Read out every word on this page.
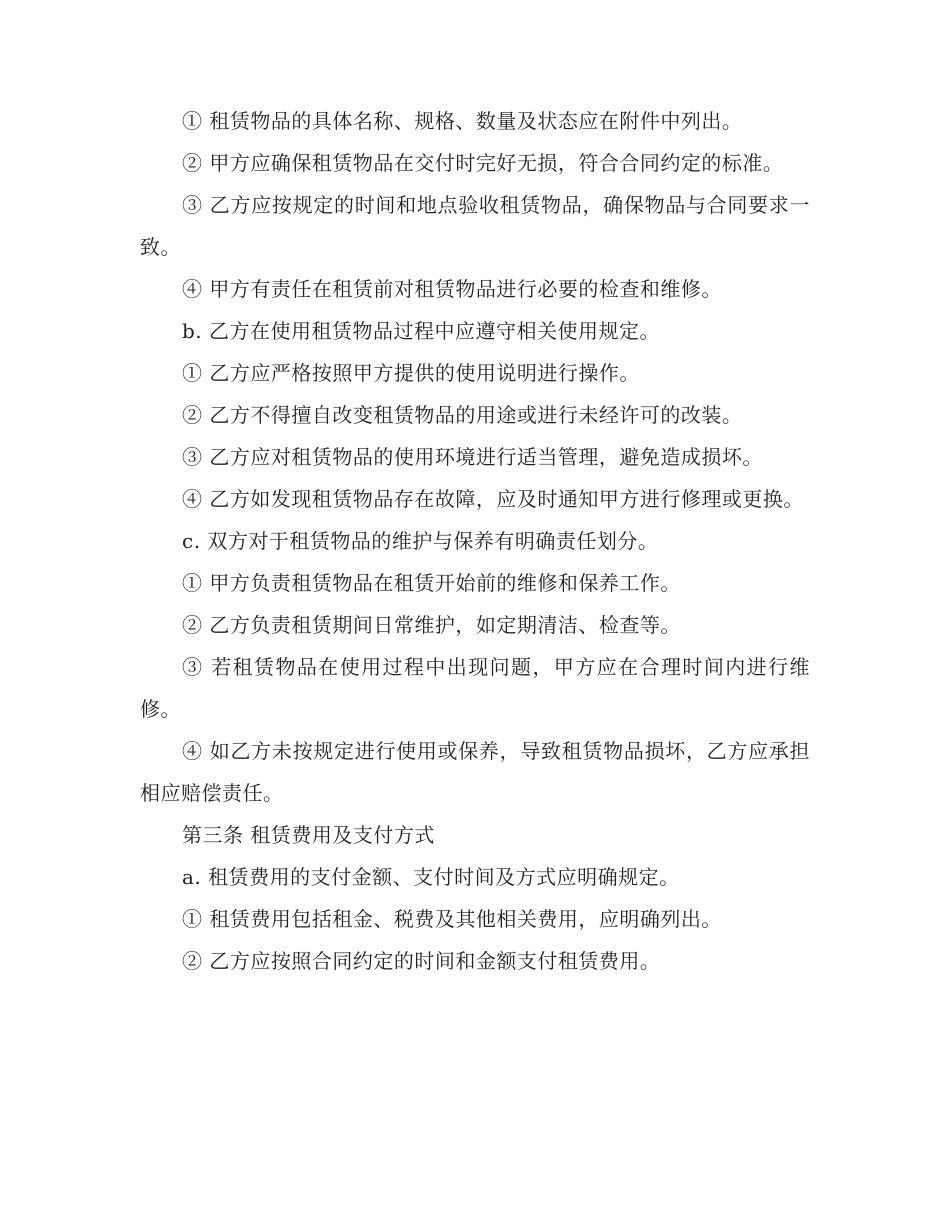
① 租赁物品的具体名称、规格、数量及状态应在附件中列出。

② 甲方应确保租赁物品在交付时完好无损，符合合同约定的标准。

③ 乙方应按规定的时间和地点验收租赁物品，确保物品与合同要求一致。

④ 甲方有责任在租赁前对租赁物品进行必要的检查和维修。

b. 乙方在使用租赁物品过程中应遵守相关使用规定。

① 乙方应严格按照甲方提供的使用说明进行操作。

② 乙方不得擅自改变租赁物品的用途或进行未经许可的改装。

③ 乙方应对租赁物品的使用环境进行适当管理，避免造成损坏。

④ 乙方如发现租赁物品存在故障，应及时通知甲方进行修理或更换。

c. 双方对于租赁物品的维护与保养有明确责任划分。

① 甲方负责租赁物品在租赁开始前的维修和保养工作。

② 乙方负责租赁期间日常维护，如定期清洁、检查等。

③ 若租赁物品在使用过程中出现问题，甲方应在合理时间内进行维修。

④ 如乙方未按规定进行使用或保养，导致租赁物品损坏，乙方应承担相应赔偿责任。

第三条 租赁费用及支付方式

a. 租赁费用的支付金额、支付时间及方式应明确规定。

① 租赁费用包括租金、税费及其他相关费用，应明确列出。

② 乙方应按照合同约定的时间和金额支付租赁费用。
